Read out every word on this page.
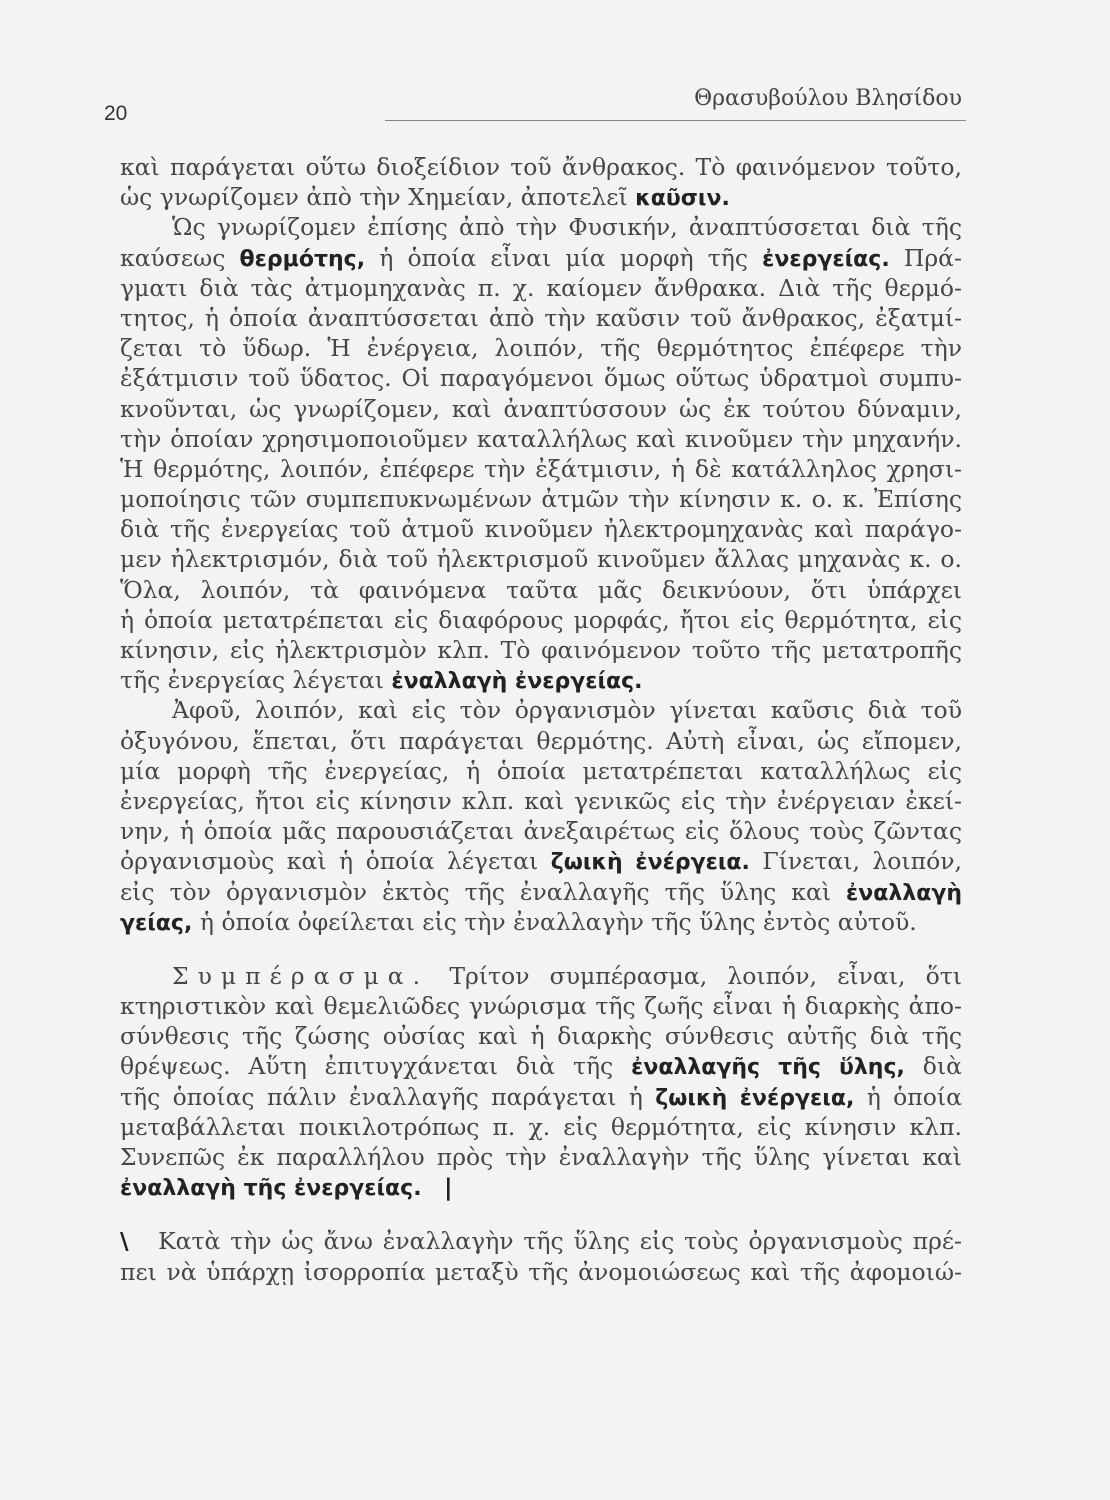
20
Θρασυβούλου Βλησίδου
καὶ παράγεται οὕτω διοξείδιον τοῦ ἄνθρακος. Τὸ φαινόμενον τοῦτο,
ὡς γνωρίζομεν ἀπὸ τὴν Χημείαν, ἀποτελεῖ καῦσιν.
Ὡς γνωρίζομεν ἐπίσης ἀπὸ τὴν Φυσικήν, ἀναπτύσσεται διὰ τῆς
καύσεως θερμότης, ἡ ὁποία εἶναι μία μορφὴ τῆς ἐνεργείας. Πρά-
γματι διὰ τὰς ἀτμομηχανὰς π. χ. καίομεν ἄνθρακα. Διὰ τῆς θερμό-
τητος, ἡ ὁποία ἀναπτύσσεται ἀπὸ τὴν καῦσιν τοῦ ἄνθρακος, ἐξατμί-
ζεται τὸ ὕδωρ. Ἡ ἐνέργεια, λοιπόν, τῆς θερμότητος ἐπέφερε τὴν
ἐξάτμισιν τοῦ ὕδατος. Οἱ παραγόμενοι ὅμως οὕτως ὑδρατμοὶ συμπυ-
κνοῦνται, ὡς γνωρίζομεν, καὶ ἀναπτύσσουν ὡς ἐκ τούτου δύναμιν,
τὴν ὁποίαν χρησιμοποιοῦμεν καταλλήλως καὶ κινοῦμεν τὴν μηχανήν.
Ἡ θερμότης, λοιπόν, ἐπέφερε τὴν ἐξάτμισιν, ἡ δὲ κατάλληλος χρησι-
μοποίησις τῶν συμπεπυκνωμένων ἀτμῶν τὴν κίνησιν κ. ο. κ. Ἐπίσης
διὰ τῆς ἐνεργείας τοῦ ἀτμοῦ κινοῦμεν ἠλεκτρομηχανὰς καὶ παράγο-
μεν ἠλεκτρισμόν, διὰ τοῦ ἠλεκτρισμοῦ κινοῦμεν ἄλλας μηχανὰς κ. ο.
Ὅλα, λοιπόν, τὰ φαινόμενα ταῦτα μᾶς δεικνύουν, ὅτι ὑπάρχει
ἡ ὁποία μετατρέπεται εἰς διαφόρους μορφάς, ἤτοι εἰς θερμότητα, εἰς
κίνησιν, εἰς ἠλεκτρισμὸν κλπ. Τὸ φαινόμενον τοῦτο τῆς μετατροπῆς
τῆς ἐνεργείας λέγεται ἐναλλαγὴ ἐνεργείας.
Ἀφοῦ, λοιπόν, καὶ εἰς τὸν ὀργανισμὸν γίνεται καῦσις διὰ τοῦ
ὀξυγόνου, ἕπεται, ὅτι παράγεται θερμότης. Αὐτὴ εἶναι, ὡς εἴπομεν,
μία μορφὴ τῆς ἐνεργείας, ἡ ὁποία μετατρέπεται καταλλήλως εἰς
ἐνεργείας, ἤτοι εἰς κίνησιν κλπ. καὶ γενικῶς εἰς τὴν ἐνέργειαν ἐκεί-
νην, ἡ ὁποία μᾶς παρουσιάζεται ἀνεξαιρέτως εἰς ὅλους τοὺς ζῶντας
ὀργανισμοὺς καὶ ἡ ὁποία λέγεται ζωικὴ ἐνέργεια. Γίνεται, λοιπόν,
εἰς τὸν ὀργανισμὸν ἐκτὸς τῆς ἐναλλαγῆς τῆς ὕλης καὶ ἐναλλαγὴ
γείας, ἡ ὁποία ὀφείλεται εἰς τὴν ἐναλλαγὴν τῆς ὕλης ἐντὸς αὐτοῦ.
Συμπέρασμα. Τρίτον συμπέρασμα, λοιπόν, εἶναι, ὅτι
κτηριστικὸν καὶ θεμελιῶδες γνώρισμα τῆς ζωῆς εἶναι ἡ διαρκὴς ἀπο-
σύνθεσις τῆς ζώσης οὐσίας καὶ ἡ διαρκὴς σύνθεσις αὐτῆς διὰ τῆς
θρέψεως. Αὕτη ἐπιτυγχάνεται διὰ τῆς ἐναλλαγῆς τῆς ὕλης, διὰ
τῆς ὁποίας πάλιν ἐναλλαγῆς παράγεται ἡ ζωικὴ ἐνέργεια, ἡ ὁποία
μεταβάλλεται ποικιλοτρόπως π. χ. εἰς θερμότητα, εἰς κίνησιν κλπ.
Συνεπῶς ἐκ παραλλήλου πρὸς τὴν ἐναλλαγὴν τῆς ὕλης γίνεται καὶ
ἐναλλαγὴ τῆς ἐνεργείας. |
\ Κατὰ τὴν ὡς ἄνω ἐναλλαγὴν τῆς ὕλης εἰς τοὺς ὀργανισμοὺς πρέ-
πει νὰ ὑπάρχῃ ἰσορροπία μεταξὺ τῆς ἀνομοιώσεως καὶ τῆς ἀφομοιώ-
